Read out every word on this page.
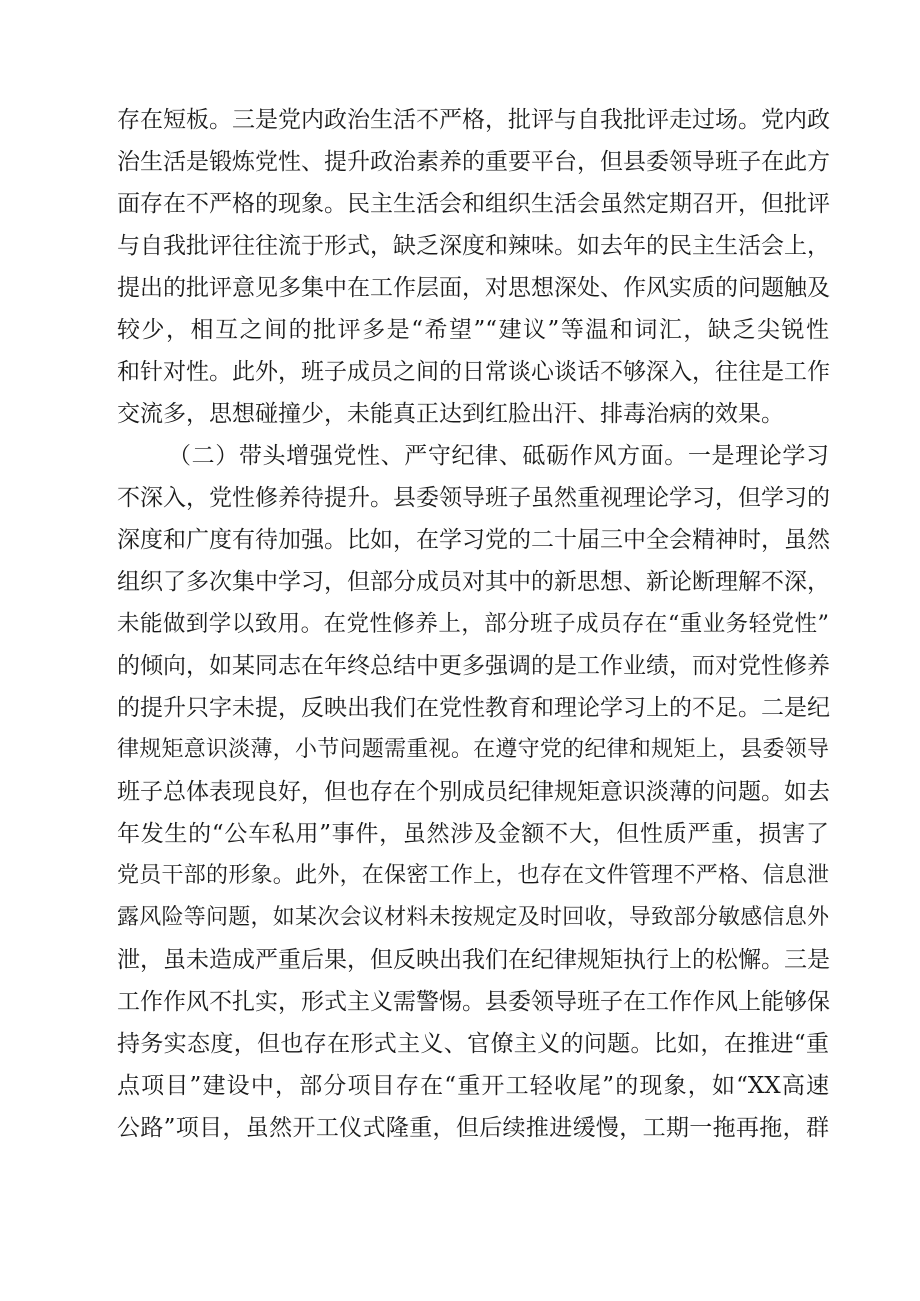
存在短板。三是党内政治生活不严格，批评与自我批评走过场。党内政
治生活是锻炼党性、提升政治素养的重要平台，但县委领导班子在此方
面存在不严格的现象。民主生活会和组织生活会虽然定期召开，但批评
与自我批评往往流于形式，缺乏深度和辣味。如去年的民主生活会上，
提出的批评意见多集中在工作层面，对思想深处、作风实质的问题触及
较少，相互之间的批评多是“希望”“建议”等温和词汇，缺乏尖锐性
和针对性。此外，班子成员之间的日常谈心谈话不够深入，往往是工作
交流多，思想碰撞少，未能真正达到红脸出汗、排毒治病的效果。
（二）带头增强党性、严守纪律、砥砺作风方面。一是理论学习
不深入，党性修养待提升。县委领导班子虽然重视理论学习，但学习的
深度和广度有待加强。比如，在学习党的二十届三中全会精神时，虽然
组织了多次集中学习，但部分成员对其中的新思想、新论断理解不深，
未能做到学以致用。在党性修养上，部分班子成员存在“重业务轻党性”
的倾向，如某同志在年终总结中更多强调的是工作业绩，而对党性修养
的提升只字未提，反映出我们在党性教育和理论学习上的不足。二是纪
律规矩意识淡薄，小节问题需重视。在遵守党的纪律和规矩上，县委领导
班子总体表现良好，但也存在个别成员纪律规矩意识淡薄的问题。如去
年发生的“公车私用”事件，虽然涉及金额不大，但性质严重，损害了
党员干部的形象。此外，在保密工作上，也存在文件管理不严格、信息泄
露风险等问题，如某次会议材料未按规定及时回收，导致部分敏感信息外
泄，虽未造成严重后果，但反映出我们在纪律规矩执行上的松懈。三是
工作作风不扎实，形式主义需警惕。县委领导班子在工作作风上能够保
持务实态度，但也存在形式主义、官僚主义的问题。比如，在推进“重
点项目”建设中，部分项目存在“重开工轻收尾”的现象，如“XX高速
公路”项目，虽然开工仪式隆重，但后续推进缓慢，工期一拖再拖，群
